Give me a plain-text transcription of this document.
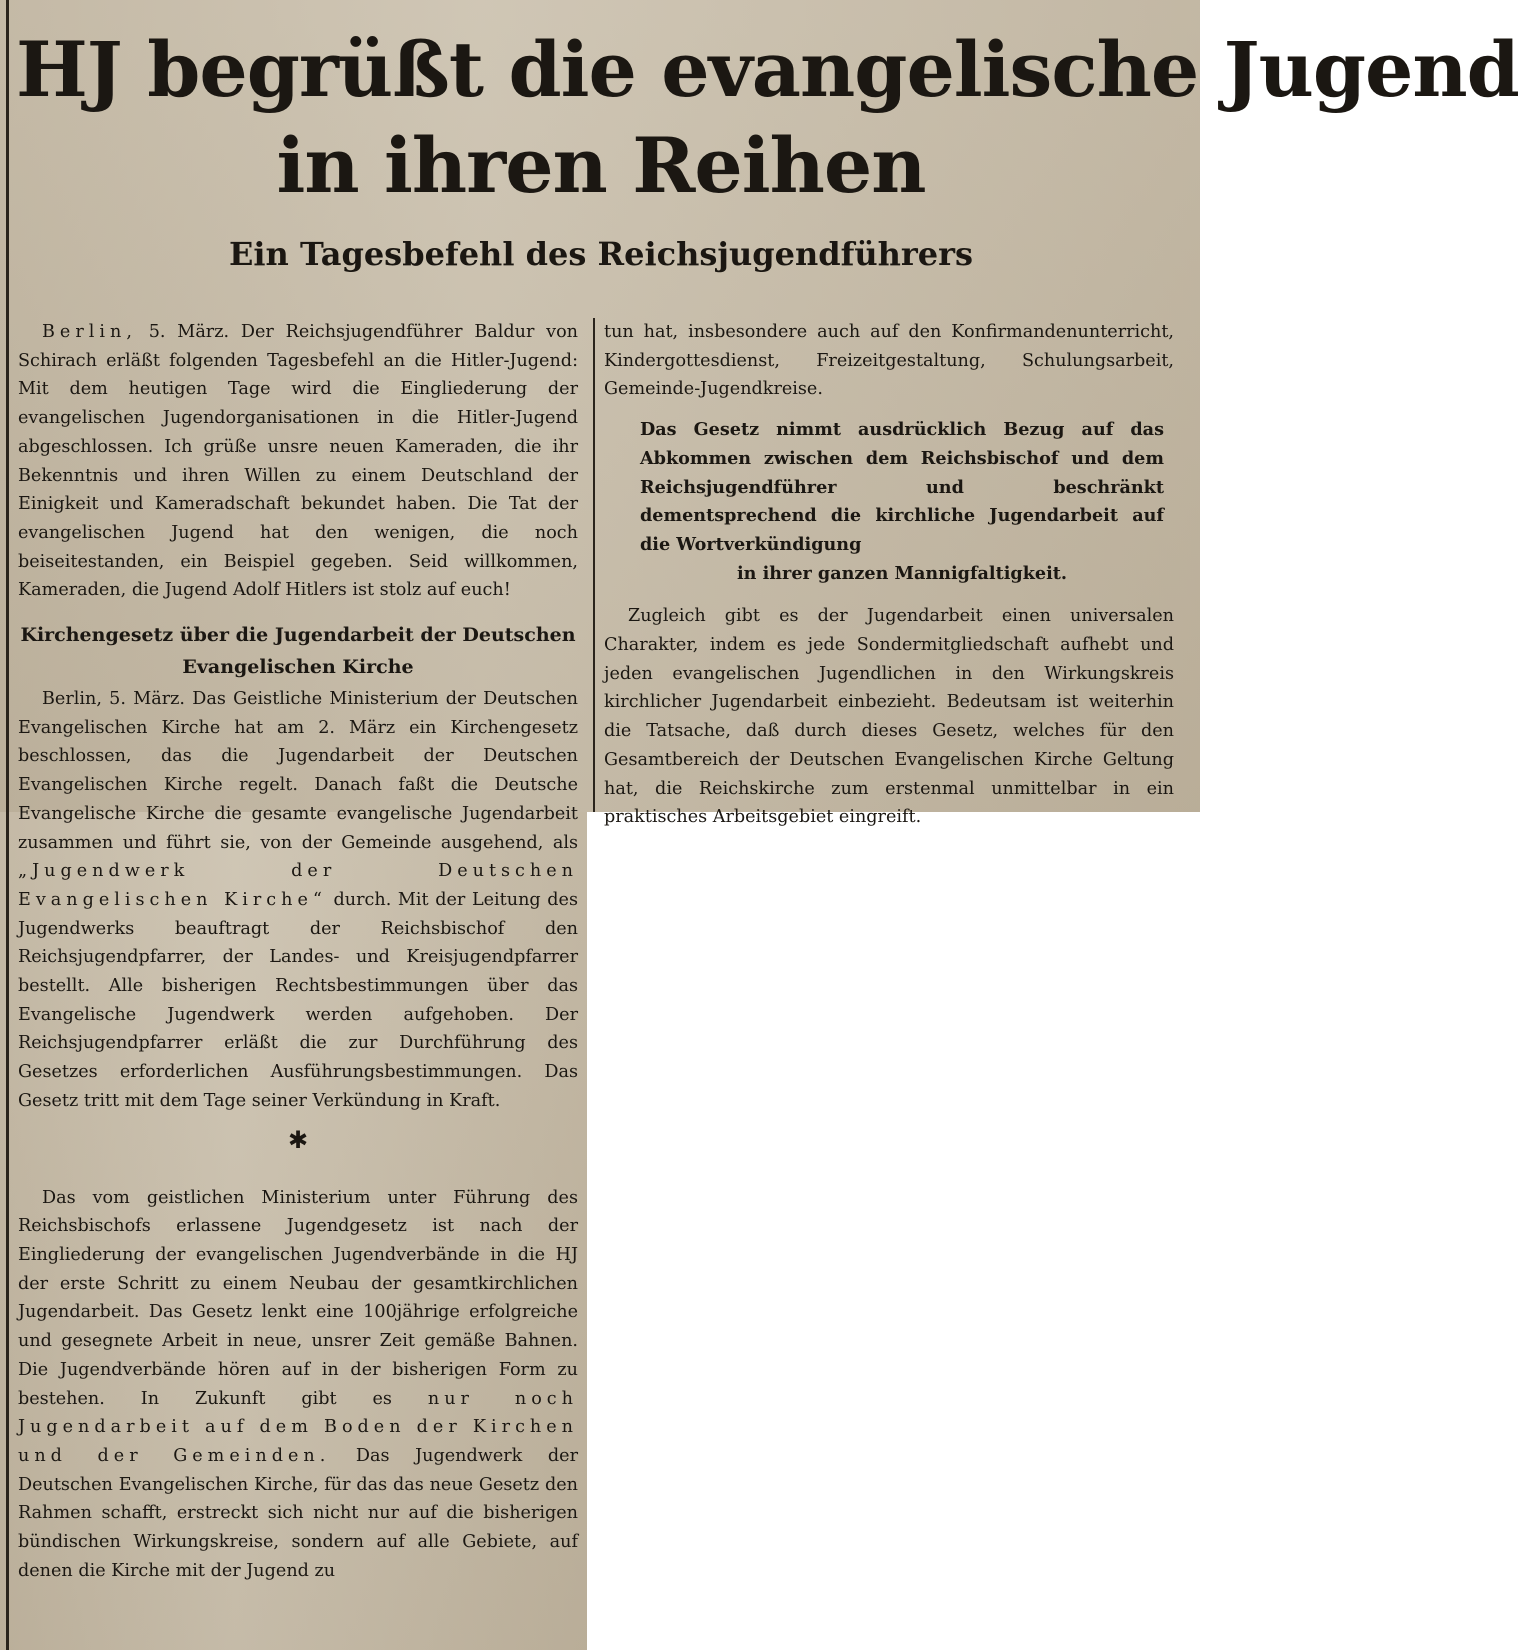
HJ begrüßt die evangelische Jugend
in ihren Reihen
Ein Tagesbefehl des Reichsjugendführers

Berlin, 5. März. Der Reichsjugendführer Baldur von Schirach erläßt folgenden Tagesbefehl an die Hitler-Jugend: Mit dem heutigen Tage wird die Eingliederung der evangelischen Jugendorganisationen in die Hitler-Jugend abgeschlossen. Ich grüße unsre neuen Kameraden, die ihr Bekenntnis und ihren Willen zu einem Deutschland der Einigkeit und Kameradschaft bekundet haben. Die Tat der evangelischen Jugend hat den wenigen, die noch beiseitestanden, ein Beispiel gegeben. Seid willkommen, Kameraden, die Jugend Adolf Hitlers ist stolz auf euch!

Kirchengesetz über die Jugendarbeit der Deutschen Evangelischen Kirche

Berlin, 5. März. Das Geistliche Ministerium der Deutschen Evangelischen Kirche hat am 2. März ein Kirchengesetz beschlossen, das die Jugendarbeit der Deutschen Evangelischen Kirche regelt. Danach faßt die Deutsche Evangelische Kirche die gesamte evangelische Jugendarbeit zusammen und führt sie, von der Gemeinde ausgehend, als „Jugendwerk der Deutschen Evangelischen Kirche“ durch. Mit der Leitung des Jugendwerks beauftragt der Reichsbischof den Reichsjugendpfarrer, der Landes- und Kreisjugendpfarrer bestellt. Alle bisherigen Rechtsbestimmungen über das Evangelische Jugendwerk werden aufgehoben. Der Reichsjugendpfarrer erläßt die zur Durchführung des Gesetzes erforderlichen Ausführungsbestimmungen. Das Gesetz tritt mit dem Tage seiner Verkündung in Kraft.

✱

Das vom geistlichen Ministerium unter Führung des Reichsbischofs erlassene Jugendgesetz ist nach der Eingliederung der evangelischen Jugendverbände in die HJ der erste Schritt zu einem Neubau der gesamtkirchlichen Jugendarbeit. Das Gesetz lenkt eine 100jährige erfolgreiche und gesegnete Arbeit in neue, unsrer Zeit gemäße Bahnen. Die Jugendverbände hören auf in der bisherigen Form zu bestehen. In Zukunft gibt es nur noch Jugendarbeit auf dem Boden der Kirchen und der Gemeinden. Das Jugendwerk der Deutschen Evangelischen Kirche, für das das neue Gesetz den Rahmen schafft, erstreckt sich nicht nur auf die bisherigen bündischen Wirkungskreise, sondern auf alle Gebiete, auf denen die Kirche mit der Jugend zu

tun hat, insbesondere auch auf den Konfirmandenunterricht, Kindergottesdienst, Freizeitgestaltung, Schulungsarbeit, Gemeinde-Jugendkreise.

Das Gesetz nimmt ausdrücklich Bezug auf das Abkommen zwischen dem Reichsbischof und dem Reichsjugendführer und beschränkt dementsprechend die kirchliche Jugendarbeit auf die Wortverkündigung
in ihrer ganzen Mannigfaltigkeit.

Zugleich gibt es der Jugendarbeit einen universalen Charakter, indem es jede Sondermitgliedschaft aufhebt und jeden evangelischen Jugendlichen in den Wirkungskreis kirchlicher Jugendarbeit einbezieht. Bedeutsam ist weiterhin die Tatsache, daß durch dieses Gesetz, welches für den Gesamtbereich der Deutschen Evangelischen Kirche Geltung hat, die Reichskirche zum erstenmal unmittelbar in ein praktisches Arbeitsgebiet eingreift.
